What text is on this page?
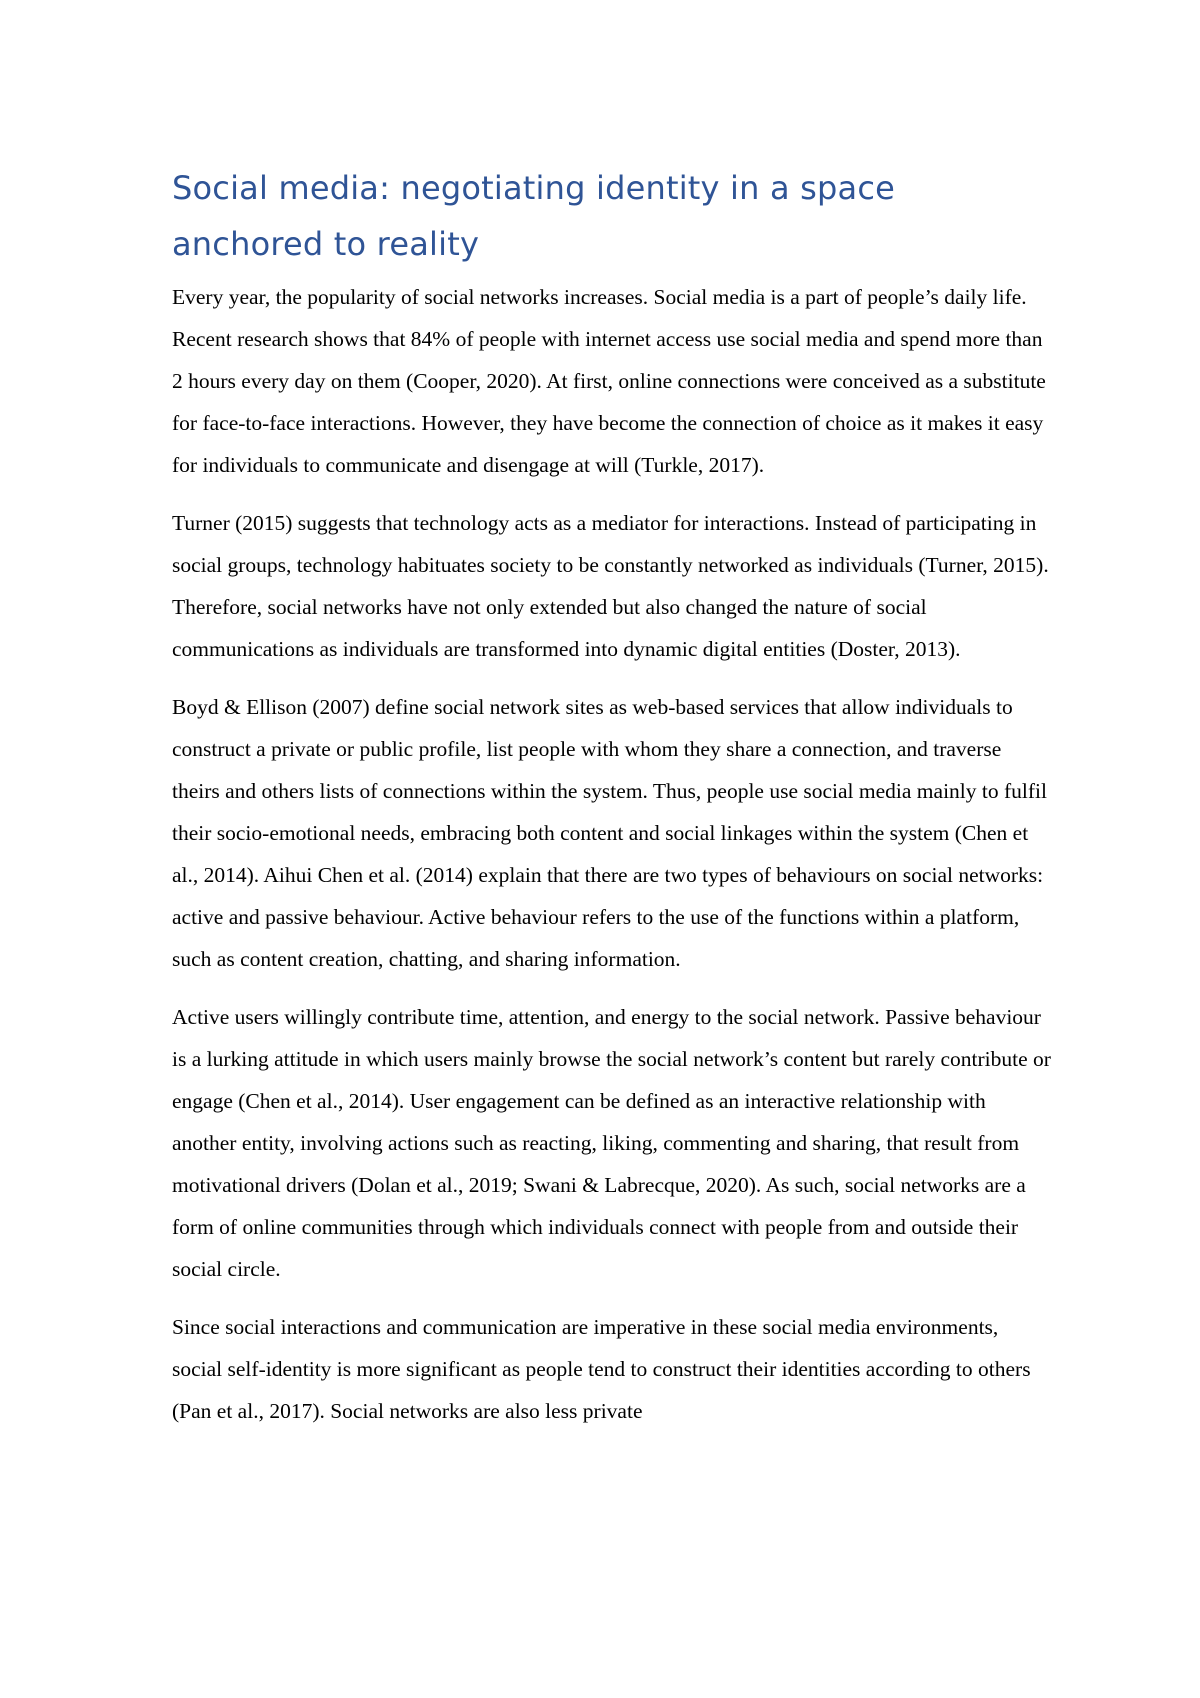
Social media: negotiating identity in a space anchored to reality

Every year, the popularity of social networks increases. Social media is a part of people’s daily life. Recent research shows that 84% of people with internet access use social media and spend more than 2 hours every day on them (Cooper, 2020). At first, online connections were conceived as a substitute for face-to-face interactions. However, they have become the connection of choice as it makes it easy for individuals to communicate and disengage at will (Turkle, 2017).

Turner (2015) suggests that technology acts as a mediator for interactions. Instead of participating in social groups, technology habituates society to be constantly networked as individuals (Turner, 2015). Therefore, social networks have not only extended but also changed the nature of social communications as individuals are transformed into dynamic digital entities (Doster, 2013).

Boyd & Ellison (2007) define social network sites as web-based services that allow individuals to construct a private or public profile, list people with whom they share a connection, and traverse theirs and others lists of connections within the system. Thus, people use social media mainly to fulfil their socio-emotional needs, embracing both content and social linkages within the system (Chen et al., 2014). Aihui Chen et al. (2014) explain that there are two types of behaviours on social networks: active and passive behaviour. Active behaviour refers to the use of the functions within a platform, such as content creation, chatting, and sharing information.

Active users willingly contribute time, attention, and energy to the social network. Passive behaviour is a lurking attitude in which users mainly browse the social network’s content but rarely contribute or engage (Chen et al., 2014). User engagement can be defined as an interactive relationship with another entity, involving actions such as reacting, liking, commenting and sharing, that result from motivational drivers (Dolan et al., 2019; Swani & Labrecque, 2020). As such, social networks are a form of online communities through which individuals connect with people from and outside their social circle.

Since social interactions and communication are imperative in these social media environments, social self-identity is more significant as people tend to construct their identities according to others (Pan et al., 2017). Social networks are also less private
